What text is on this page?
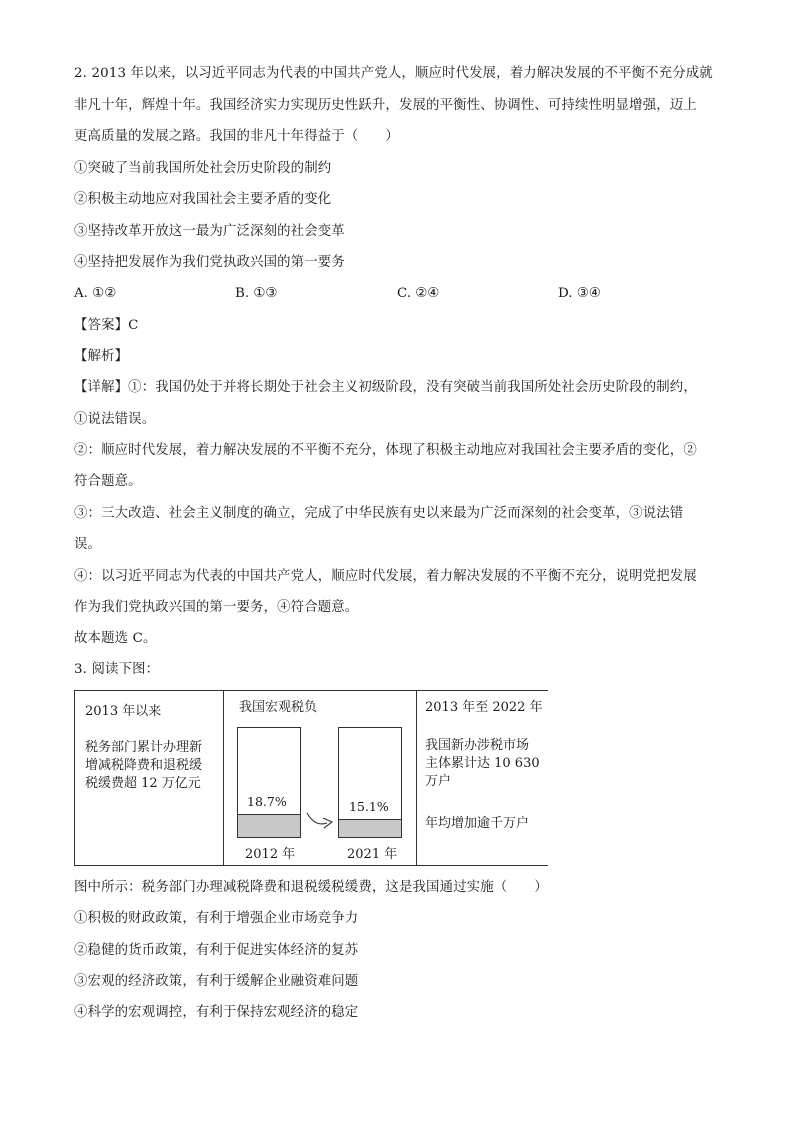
2. 2013 年以来，以习近平同志为代表的中国共产党人，顺应时代发展，着力解决发展的不平衡不充分成就
非凡十年，辉煌十年。我国经济实力实现历史性跃升，发展的平衡性、协调性、可持续性明显增强，迈上
更高质量的发展之路。我国的非凡十年得益于（　　）
①突破了当前我国所处社会历史阶段的制约
②积极主动地应对我国社会主要矛盾的变化
③坚持改革开放这一最为广泛深刻的社会变革
④坚持把发展作为我们党执政兴国的第一要务
A. ①②	B. ①③	C. ②④	D. ③④
【答案】C
【解析】
【详解】①：我国仍处于并将长期处于社会主义初级阶段，没有突破当前我国所处社会历史阶段的制约，
①说法错误。
②：顺应时代发展，着力解决发展的不平衡不充分，体现了积极主动地应对我国社会主要矛盾的变化，②
符合题意。
③：三大改造、社会主义制度的确立，完成了中华民族有史以来最为广泛而深刻的社会变革，③说法错
误。
④：以习近平同志为代表的中国共产党人，顺应时代发展，着力解决发展的不平衡不充分，说明党把发展
作为我们党执政兴国的第一要务，④符合题意。
故本题选 C。
3. 阅读下图：
2013 年以来
税务部门累计办理新
增减税降费和退税缓
税缓费超 12 万亿元
我国宏观税负
18.7%
2012 年
15.1%
2021 年
2013 年至 2022 年
我国新办涉税市场
主体累计达 10 630
万户
年均增加逾千万户
图中所示：税务部门办理减税降费和退税缓税缓费，这是我国通过实施（　　）
①积极的财政政策，有利于增强企业市场竞争力
②稳健的货币政策，有利于促进实体经济的复苏
③宏观的经济政策，有利于缓解企业融资难问题
④科学的宏观调控，有利于保持宏观经济的稳定
